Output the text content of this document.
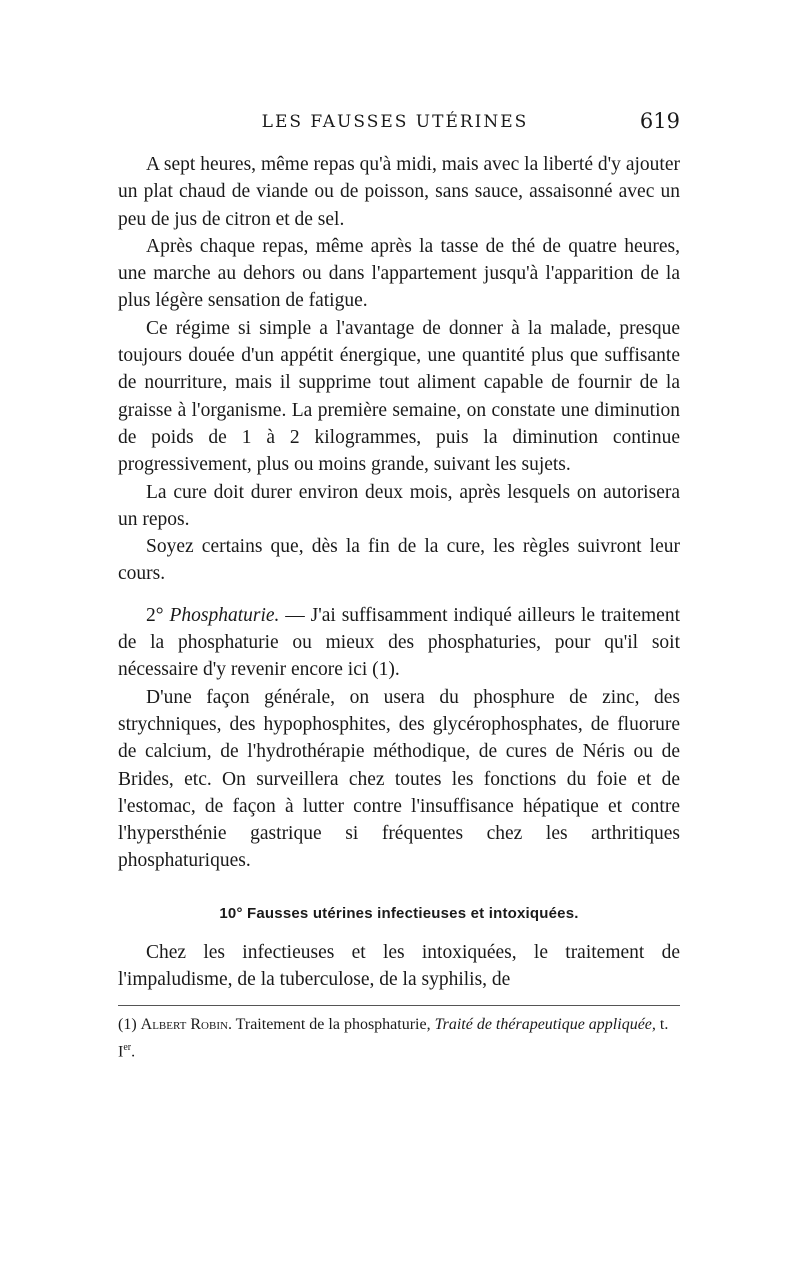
LES FAUSSES UTÉRINES	619

A sept heures, même repas qu'à midi, mais avec la liberté d'y ajouter un plat chaud de viande ou de poisson, sans sauce, assaisonné avec un peu de jus de citron et de sel.

Après chaque repas, même après la tasse de thé de quatre heures, une marche au dehors ou dans l'appartement jusqu'à l'apparition de la plus légère sensation de fatigue.

Ce régime si simple a l'avantage de donner à la malade, presque toujours douée d'un appétit énergique, une quantité plus que suffisante de nourriture, mais il supprime tout aliment capable de fournir de la graisse à l'organisme. La première semaine, on constate une diminution de poids de 1 à 2 kilogrammes, puis la diminution continue progressivement, plus ou moins grande, suivant les sujets.

La cure doit durer environ deux mois, après lesquels on autorisera un repos.

Soyez certains que, dès la fin de la cure, les règles suivront leur cours.

2° Phosphaturie. — J'ai suffisamment indiqué ailleurs le traitement de la phosphaturie ou mieux des phosphaturies, pour qu'il soit nécessaire d'y revenir encore ici (1).

D'une façon générale, on usera du phosphure de zinc, des strychniques, des hypophosphites, des glycérophosphates, de fluorure de calcium, de l'hydrothérapie méthodique, de cures de Néris ou de Brides, etc. On surveillera chez toutes les fonctions du foie et de l'estomac, de façon à lutter contre l'insuffisance hépatique et contre l'hypersthénie gastrique si fréquentes chez les arthritiques phosphaturiques.

10° Fausses utérines infectieuses et intoxiquées.

Chez les infectieuses et les intoxiquées, le traitement de l'impaludisme, de la tuberculose, de la syphilis, de

(1) Albert Robin. Traitement de la phosphaturie, Traité de thérapeutique appliquée, t. Ier.
